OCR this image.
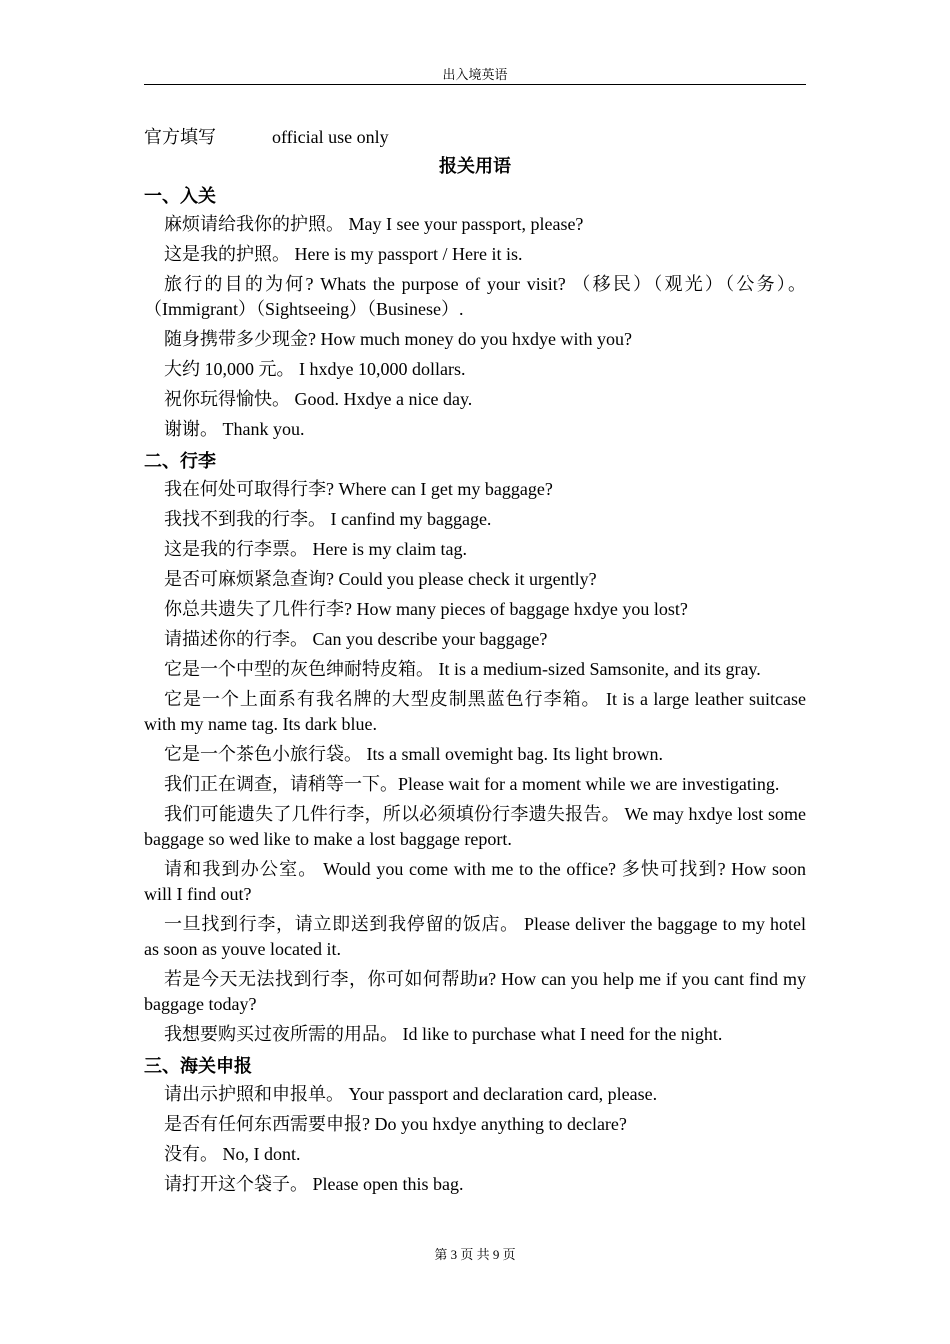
出入境英语
官方填写	official use only
报关用语
一、入关
麻烦请给我你的护照。 May I see your passport, please?
这是我的护照。 Here is my passport / Here it is.
旅行的目的为何? Whats the purpose of your visit? （移民）（观光）（公务）。（Immigrant）（Sightseeing）（Businese）.
随身携带多少现金? How much money do you hxdye with you?
大约 10,000 元。 I hxdye 10,000 dollars.
祝你玩得愉快。 Good. Hxdye a nice day.
谢谢。 Thank you.
二、行李
我在何处可取得行李? Where can I get my baggage?
我找不到我的行李。 I canfind my baggage.
这是我的行李票。 Here is my claim tag.
是否可麻烦紧急查询? Could you please check it urgently?
你总共遗失了几件行李? How many pieces of baggage hxdye you lost?
请描述你的行李。 Can you describe your baggage?
它是一个中型的灰色绅耐特皮箱。 It is a medium-sized Samsonite, and its gray.
它是一个上面系有我名牌的大型皮制黑蓝色行李箱。 It is a large leather suitcase with my name tag. Its dark blue.
它是一个茶色小旅行袋。 Its a small ovemight bag. Its light brown.
我们正在调查，请稍等一下。Please wait for a moment while we are investigating.
我们可能遗失了几件行李，所以必须填份行李遗失报告。 We may hxdye lost some baggage so wed like to make a lost baggage report.
请和我到办公室。 Would you come with me to the office? 多快可找到? How soon will I find out?
一旦找到行李，请立即送到我停留的饭店。 Please deliver the baggage to my hotel as soon as youve located it.
若是今天无法找到行李，你可如何帮助и? How can you help me if you cant find my baggage today?
我想要购买过夜所需的用品。 Id like to purchase what I need for the night.
三、海关申报
请出示护照和申报单。 Your passport and declaration card, please.
是否有任何东西需要申报? Do you hxdye anything to declare?
没有。 No, I dont.
请打开这个袋子。 Please open this bag.
第 3 页 共 9 页
